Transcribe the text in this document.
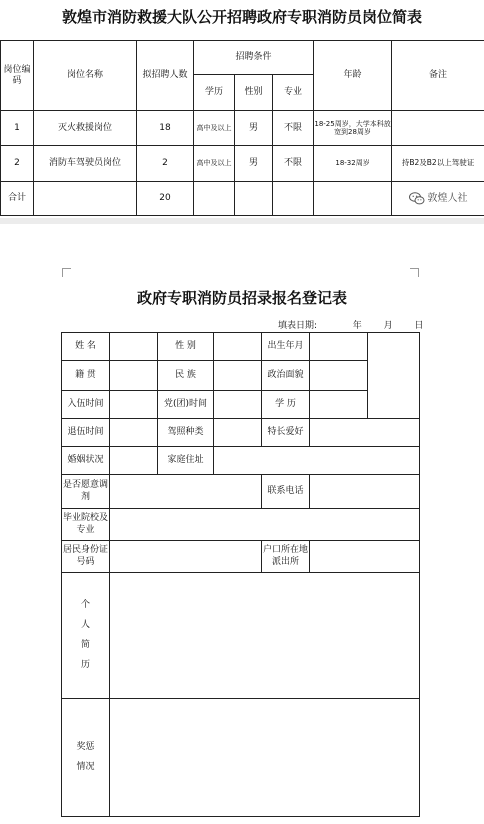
敦煌市消防救援大队公开招聘政府专职消防员岗位简表
岗位编码	岗位名称	拟招聘人数	招聘条件			年龄	备注
			学历	性别	专业		
1	灭火救援岗位	18	高中及以上	男	不限	18-25周岁，大学本科放宽到28周岁	
2	消防车驾驶员岗位	2	高中及以上	男	不限	18-32周岁	持B2及B2以上驾驶证
合计		20					敦煌人社
政府专职消防员招录报名登记表
填表日期:	年 月 日
姓 名		性 别		出生年月		
籍 贯		民 族		政治面貌		
入伍时间		党(团)时间		学 历		
退伍时间		驾照种类		特长爱好		
婚姻状况		家庭住址				
是否愿意调剂				联系电话		
毕业院校及专业						
居民身份证号码				户口所在地派出所		

个
人
简
历						

奖惩
情况						
